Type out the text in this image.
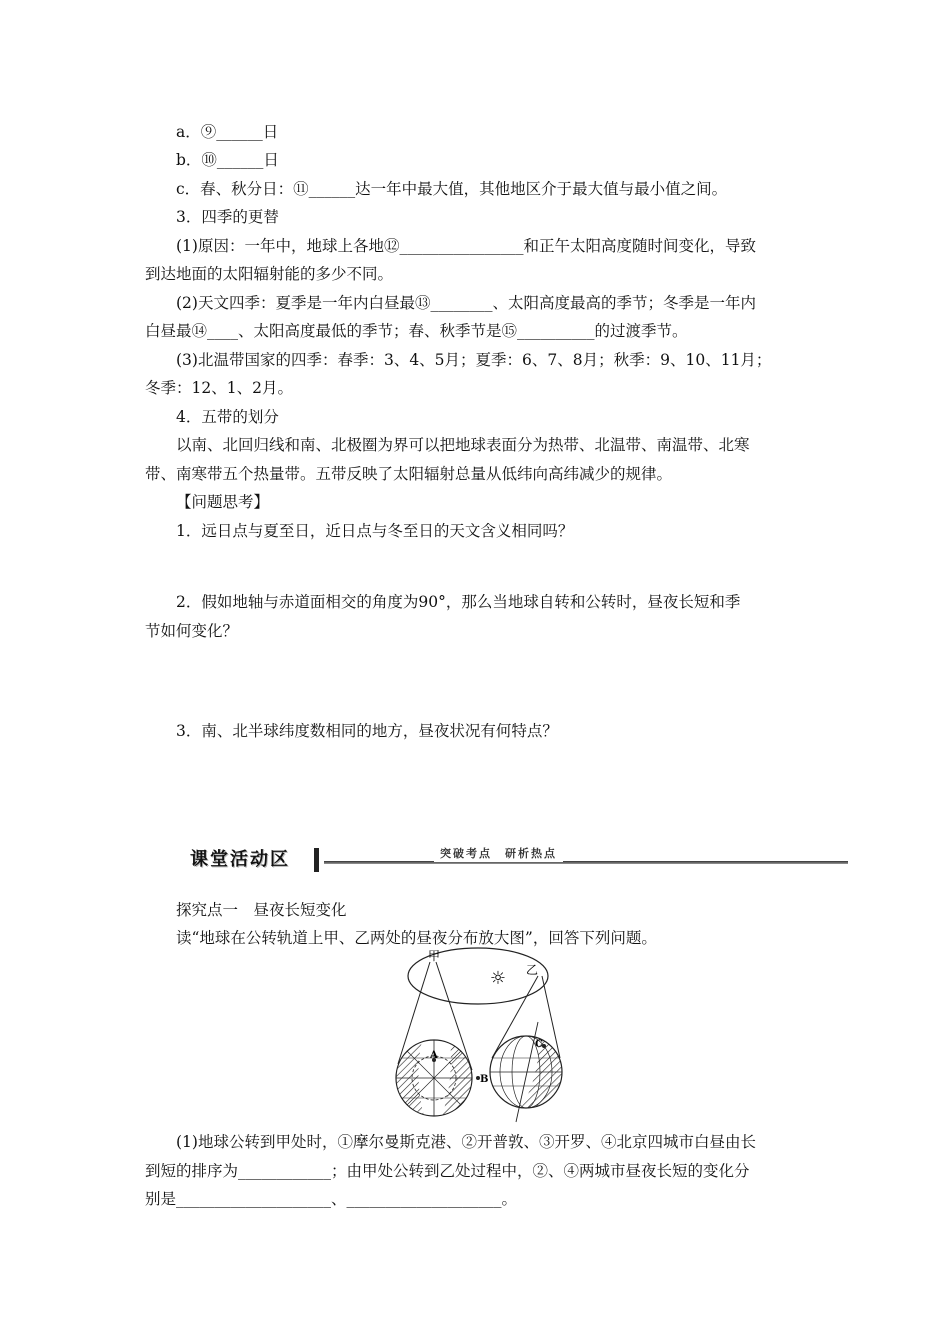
a．⑨______日
b．⑩______日
c．春、秋分日：⑪______达一年中最大值，其他地区介于最大值与最小值之间。
3．四季的更替
(1)原因：一年中，地球上各地⑫________________和正午太阳高度随时间变化，导致
到达地面的太阳辐射能的多少不同。
(2)天文四季：夏季是一年内白昼最⑬________、太阳高度最高的季节；冬季是一年内
白昼最⑭____、太阳高度最低的季节；春、秋季节是⑮__________的过渡季节。
(3)北温带国家的四季：春季：3、4、5月；夏季：6、7、8月；秋季：9、10、11月；
冬季：12、1、2月。
4．五带的划分
以南、北回归线和南、北极圈为界可以把地球表面分为热带、北温带、南温带、北寒
带、南寒带五个热量带。五带反映了太阳辐射总量从低纬向高纬减少的规律。
【问题思考】
1．远日点与夏至日，近日点与冬至日的天文含义相同吗？
2．假如地轴与赤道面相交的角度为90°，那么当地球自转和公转时，昼夜长短和季
节如何变化？
3．南、北半球纬度数相同的地方，昼夜状况有何特点？
课堂活动区	突破考点　研析热点
探究点一　昼夜长短变化
读“地球在公转轨道上甲、乙两处的昼夜分布放大图”，回答下列问题。
☼
甲
乙
A
B
C
(1)地球公转到甲处时，①摩尔曼斯克港、②开普敦、③开罗、④北京四城市白昼由长
到短的排序为____________；由甲处公转到乙处过程中，②、④两城市昼夜长短的变化分
别是____________________、____________________。
